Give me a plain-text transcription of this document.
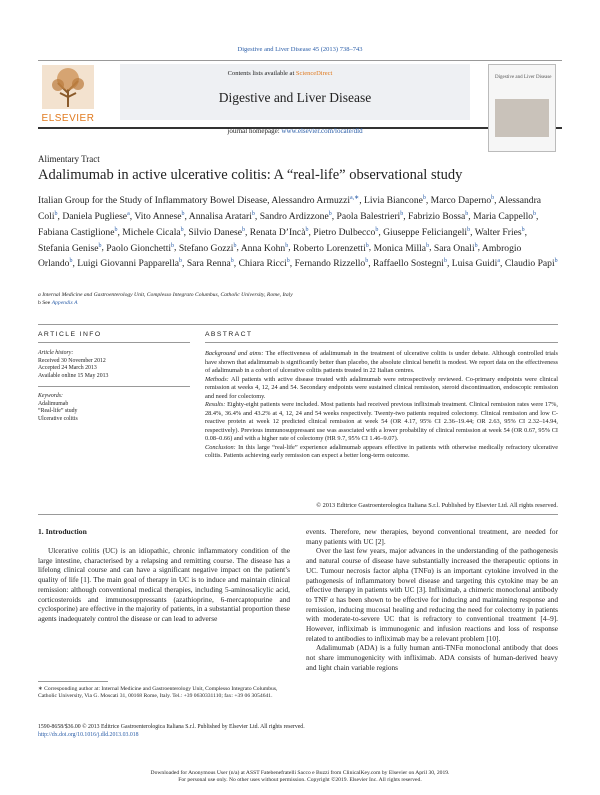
Digestive and Liver Disease 45 (2013) 738–743
ELSEVIER
Contents lists available at ScienceDirect
Digestive and Liver Disease
journal homepage: www.elsevier.com/locate/dld
Digestive and Liver Disease
Alimentary Tract
Adalimumab in active ulcerative colitis: A “real-life” observational study
Italian Group for the Study of Inflammatory Bowel Disease, Alessandro Armuzzi$^{a,∗}$, Livia Biancone$^b$, Marco Daperno$^b$, Alessandra Coli$^b$, Daniela Pugliese$^a$, Vito Annese$^b$, Annalisa Aratari$^b$, Sandro Ardizzone$^b$, Paola Balestrieri$^b$, Fabrizio Bossa$^b$, Maria Cappello$^b$, Fabiana Castiglione$^b$, Michele Cicala$^b$, Silvio Danese$^b$, Renata D’Incà$^b$, Pietro Dulbecco$^b$, Giuseppe Feliciangeli$^b$, Walter Fries$^b$, Stefania Genise$^b$, Paolo Gionchetti$^b$, Stefano Gozzi$^b$, Anna Kohn$^b$, Roberto Lorenzetti$^b$, Monica Milla$^b$, Sara Onali$^b$, Ambrogio Orlando$^b$, Luigi Giovanni Papparella$^b$, Sara Renna$^b$, Chiara Ricci$^b$, Fernando Rizzello$^b$, Raffaello Sostegni$^b$, Luisa Guidi$^a$, Claudio Papi$^b$
a Internal Medicine and Gastroenterology Unit, Complesso Integrato Columbus, Catholic University, Rome, Italy
b See Appendix A
ARTICLE INFO	ABSTRACT
Article history:
Received 30 November 2012
Accepted 24 March 2013
Available online 15 May 2013
Keywords:
Adalimumab
“Real-life” study
Ulcerative colitis
Background and aims: The effectiveness of adalimumab in the treatment of ulcerative colitis is under debate. Although controlled trials have shown that adalimumab is significantly better than placebo, the absolute clinical benefit is modest. We report data on the effectiveness of adalimumab in a cohort of ulcerative colitis patients treated in 22 Italian centres.
Methods: All patients with active disease treated with adalimumab were retrospectively reviewed. Co-primary endpoints were clinical remission at weeks 4, 12, 24 and 54. Secondary endpoints were sustained clinical remission, steroid discontinuation, endoscopic remission and need for colectomy.
Results: Eighty-eight patients were included. Most patients had received previous infliximab treatment. Clinical remission rates were 17%, 28.4%, 36.4% and 43.2% at 4, 12, 24 and 54 weeks respectively. Twenty-two patients required colectomy. Clinical remission and low C-reactive protein at week 12 predicted clinical remission at week 54 (OR 4.17, 95% CI 2.36–19.44; OR 2.63, 95% CI 2.32–14.94, respectively). Previous immunosuppressant use was associated with a lower probability of clinical remission at week 54 (OR 0.67, 95% CI 0.08–0.66) and with a higher rate of colectomy (HR 9.7, 95% CI 1.46–9.07).
Conclusion: In this large “real-life” experience adalimumab appears effective in patients with otherwise medically refractory ulcerative colitis. Patients achieving early remission can expect a better long-term outcome.
© 2013 Editrice Gastroenterologica Italiana S.r.l. Published by Elsevier Ltd. All rights reserved.
1. Introduction

Ulcerative colitis (UC) is an idiopathic, chronic inflammatory condition of the large intestine, characterised by a relapsing and remitting course. The disease has a lifelong clinical course and can have a significant negative impact on the patient’s quality of life [1]. The main goal of therapy in UC is to induce and maintain clinical remission: although conventional medical therapies, including 5-aminosalicylic acid, corticosteroids and immunosuppressants (azathioprine, 6-mercaptopurine and cyclosporine) are effective in the majority of patients, in a substantial proportion these agents inadequately control the disease or can lead to adverse

events. Therefore, new therapies, beyond conventional treatment, are needed for many patients with UC [2].

Over the last few years, major advances in the understanding of the pathogenesis and natural course of disease have substantially increased the therapeutic options in UC. Tumour necrosis factor alpha (TNFα) is an important cytokine involved in the pathogenesis of inflammatory bowel disease and targeting this cytokine may be an effective therapy in patients with UC [3]. Infliximab, a chimeric monoclonal antibody to TNF α has been shown to be effective for inducing and maintaining response and remission, inducing mucosal healing and reducing the need for colectomy in patients with moderate-to-severe UC that is refractory to conventional treatment [4–9]. However, infliximab is immunogenic and infusion reactions and loss of response related to antibodies to infliximab may be a relevant problem [10].

Adalimumab (ADA) is a fully human anti-TNFα monoclonal antibody that does not share immunogenicity with infliximab. ADA consists of human-derived heavy and light chain variable regions

∗ Corresponding author at: Internal Medicine and Gastroenterology Unit, Complesso Integrato Columbus, Catholic University, Via G. Moscati 31, 00168 Rome, Italy. Tel.: +39 0630331110; fax: +39 06 3054641.
1590-8658/$36.00 © 2013 Editrice Gastroenterologica Italiana S.r.l. Published by Elsevier Ltd. All rights reserved.
http://dx.doi.org/10.1016/j.dld.2013.03.018
Downloaded for Anonymous User (n/a) at ASST Fatebenefratelli Sacco e Buzzi from ClinicalKey.com by Elsevier on April 30, 2019.
For personal use only. No other uses without permission. Copyright ©2019. Elsevier Inc. All rights reserved.
